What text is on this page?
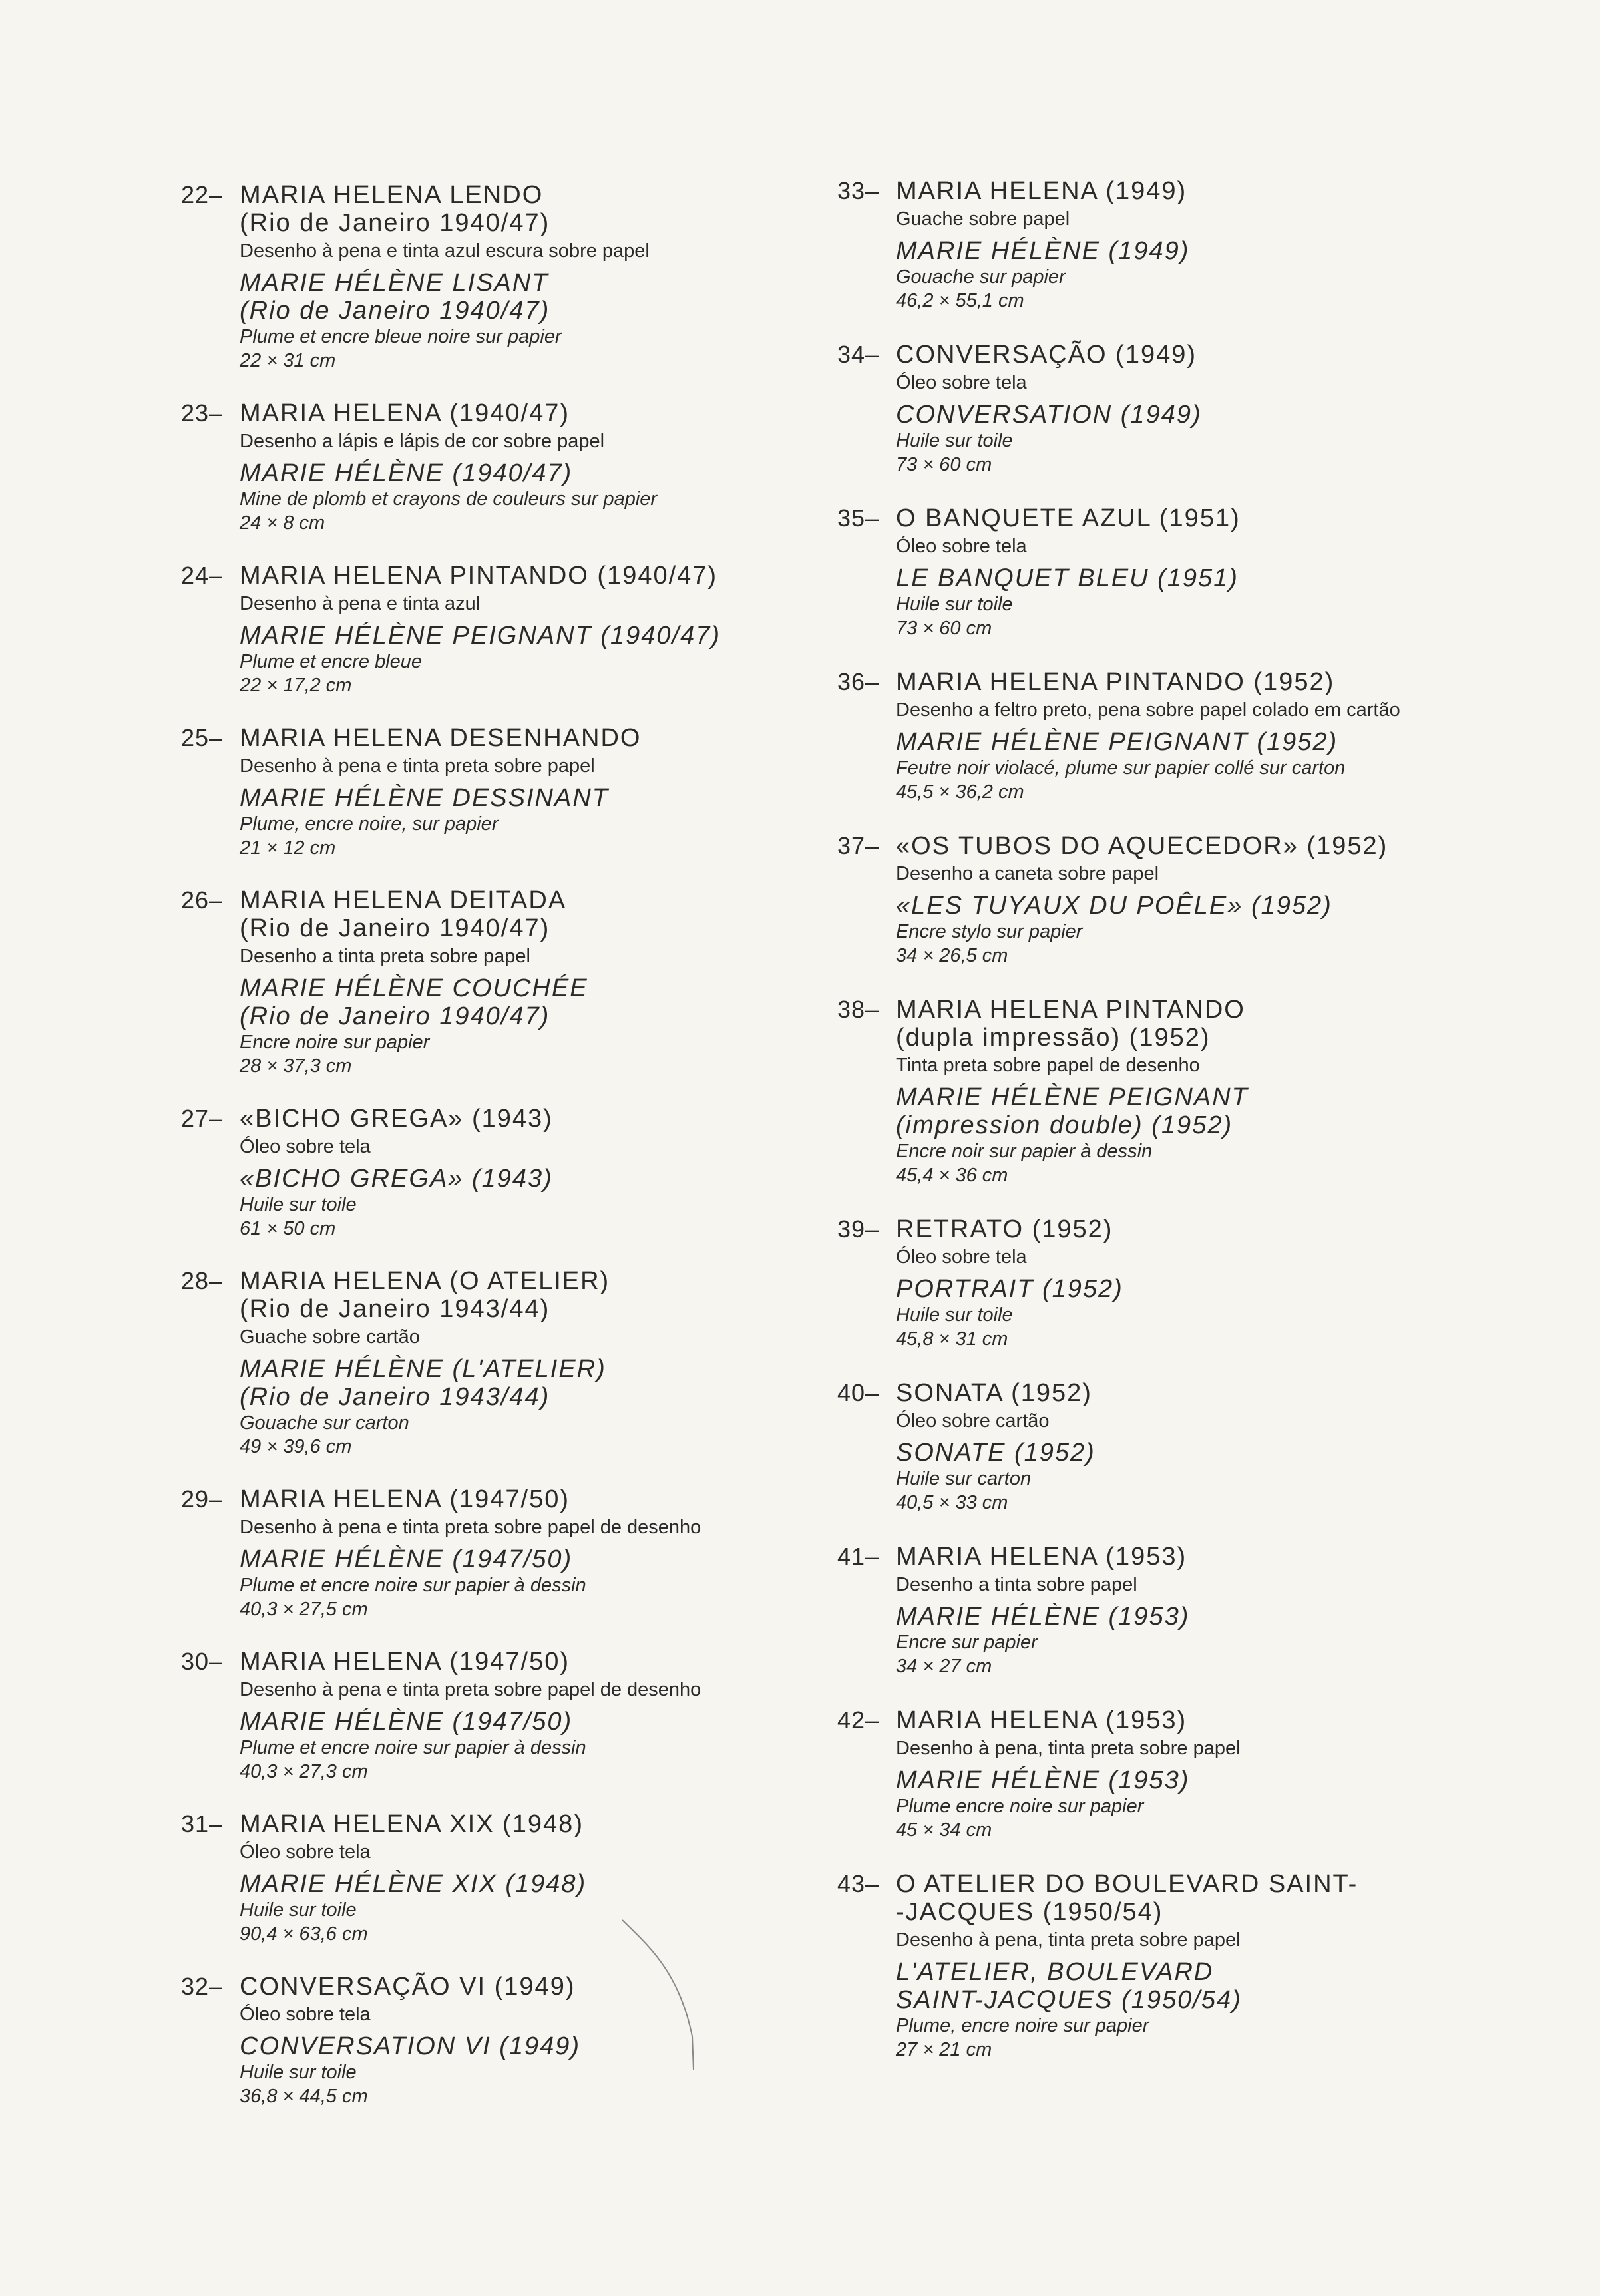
22– MARIA HELENA LENDO
(Rio de Janeiro 1940/47)
Desenho à pena e tinta azul escura sobre papel
MARIE HÉLÈNE LISANT
(Rio de Janeiro 1940/47)
Plume et encre bleue noire sur papier
22 × 31 cm
23– MARIA HELENA (1940/47)
Desenho a lápis e lápis de cor sobre papel
MARIE HÉLÈNE (1940/47)
Mine de plomb et crayons de couleurs sur papier
24 × 8 cm
24– MARIA HELENA PINTANDO (1940/47)
Desenho à pena e tinta azul
MARIE HÉLÈNE PEIGNANT (1940/47)
Plume et encre bleue
22 × 17,2 cm
25– MARIA HELENA DESENHANDO
Desenho à pena e tinta preta sobre papel
MARIE HÉLÈNE DESSINANT
Plume, encre noire, sur papier
21 × 12 cm
26– MARIA HELENA DEITADA
(Rio de Janeiro 1940/47)
Desenho a tinta preta sobre papel
MARIE HÉLÈNE COUCHÉE
(Rio de Janeiro 1940/47)
Encre noire sur papier
28 × 37,3 cm
27– «BICHO GREGA» (1943)
Óleo sobre tela
«BICHO GREGA» (1943)
Huile sur toile
61 × 50 cm
28– MARIA HELENA (O ATELIER)
(Rio de Janeiro 1943/44)
Guache sobre cartão
MARIE HÉLÈNE (L'ATELIER)
(Rio de Janeiro 1943/44)
Gouache sur carton
49 × 39,6 cm
29– MARIA HELENA (1947/50)
Desenho à pena e tinta preta sobre papel de desenho
MARIE HÉLÈNE (1947/50)
Plume et encre noire sur papier à dessin
40,3 × 27,5 cm
30– MARIA HELENA (1947/50)
Desenho à pena e tinta preta sobre papel de desenho
MARIE HÉLÈNE (1947/50)
Plume et encre noire sur papier à dessin
40,3 × 27,3 cm
31– MARIA HELENA XIX (1948)
Óleo sobre tela
MARIE HÉLÈNE XIX (1948)
Huile sur toile
90,4 × 63,6 cm
32– CONVERSAÇÃO VI (1949)
Óleo sobre tela
CONVERSATION VI (1949)
Huile sur toile
36,8 × 44,5 cm
33– MARIA HELENA (1949)
Guache sobre papel
MARIE HÉLÈNE (1949)
Gouache sur papier
46,2 × 55,1 cm
34– CONVERSAÇÃO (1949)
Óleo sobre tela
CONVERSATION (1949)
Huile sur toile
73 × 60 cm
35– O BANQUETE AZUL (1951)
Óleo sobre tela
LE BANQUET BLEU (1951)
Huile sur toile
73 × 60 cm
36– MARIA HELENA PINTANDO (1952)
Desenho a feltro preto, pena sobre papel colado em cartão
MARIE HÉLÈNE PEIGNANT (1952)
Feutre noir violacé, plume sur papier collé sur carton
45,5 × 36,2 cm
37– «OS TUBOS DO AQUECEDOR» (1952)
Desenho a caneta sobre papel
«LES TUYAUX DU POÊLE» (1952)
Encre stylo sur papier
34 × 26,5 cm
38– MARIA HELENA PINTANDO
(dupla impressão) (1952)
Tinta preta sobre papel de desenho
MARIE HÉLÈNE PEIGNANT
(impression double) (1952)
Encre noir sur papier à dessin
45,4 × 36 cm
39– RETRATO (1952)
Óleo sobre tela
PORTRAIT (1952)
Huile sur toile
45,8 × 31 cm
40– SONATA (1952)
Óleo sobre cartão
SONATE (1952)
Huile sur carton
40,5 × 33 cm
41– MARIA HELENA (1953)
Desenho a tinta sobre papel
MARIE HÉLÈNE (1953)
Encre sur papier
34 × 27 cm
42– MARIA HELENA (1953)
Desenho à pena, tinta preta sobre papel
MARIE HÉLÈNE (1953)
Plume encre noire sur papier
45 × 34 cm
43– O ATELIER DO BOULEVARD SAINT-
-JACQUES (1950/54)
Desenho à pena, tinta preta sobre papel
L'ATELIER, BOULEVARD
SAINT-JACQUES (1950/54)
Plume, encre noire sur papier
27 × 21 cm
